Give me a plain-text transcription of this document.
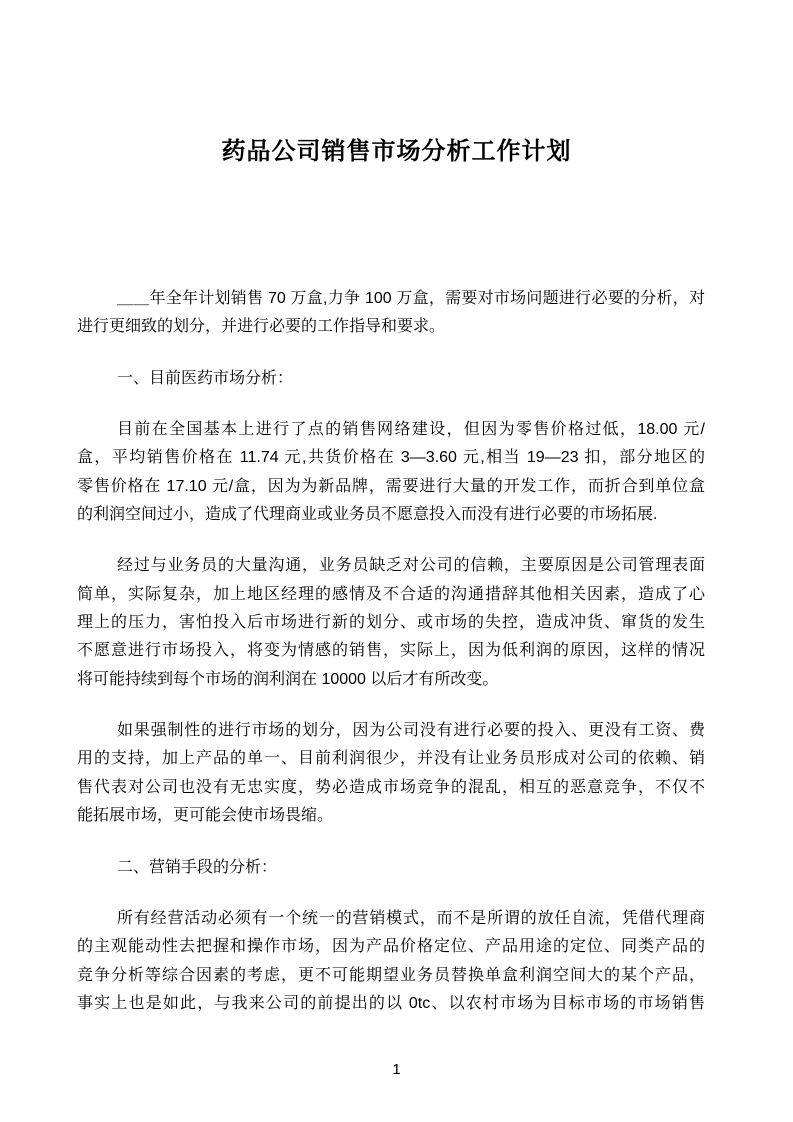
药品公司销售市场分析工作计划
＿＿年全年计划销售 70 万盒,力争 100 万盒，需要对市场问题进行必要的分析，对
进行更细致的划分，并进行必要的工作指导和要求。
一、目前医药市场分析：
目前在全国基本上进行了点的销售网络建设，但因为零售价格过低，18.00 元/
盒，平均销售价格在 11.74 元,共货价格在 3—3.60 元,相当 19—23 扣，部分地区的
零售价格在 17.10 元/盒，因为为新品牌，需要进行大量的开发工作，而折合到单位盒
的利润空间过小，造成了代理商业或业务员不愿意投入而没有进行必要的市场拓展.
经过与业务员的大量沟通，业务员缺乏对公司的信赖，主要原因是公司管理表面
简单，实际复杂，加上地区经理的感情及不合适的沟通措辞其他相关因素，造成了心
理上的压力，害怕投入后市场进行新的划分、或市场的失控，造成冲货、窜货的发生
不愿意进行市场投入，将变为情感的销售，实际上，因为低利润的原因，这样的情况
将可能持续到每个市场的润利润在 10000 以后才有所改变。
如果强制性的进行市场的划分，因为公司没有进行必要的投入、更没有工资、费
用的支持，加上产品的单一、目前利润很少，并没有让业务员形成对公司的依赖、销
售代表对公司也没有无忠实度，势必造成市场竞争的混乱，相互的恶意竞争，不仅不
能拓展市场，更可能会使市场畏缩。
二、营销手段的分析：
所有经营活动必须有一个统一的营销模式，而不是所谓的放任自流，凭借代理商
的主观能动性去把握和操作市场，因为产品价格定位、产品用途的定位、同类产品的
竞争分析等综合因素的考虑，更不可能期望业务员替换单盒利润空间大的某个产品，
事实上也是如此，与我来公司的前提出的以 0tc、以农村市场为目标市场的市场销售
1
